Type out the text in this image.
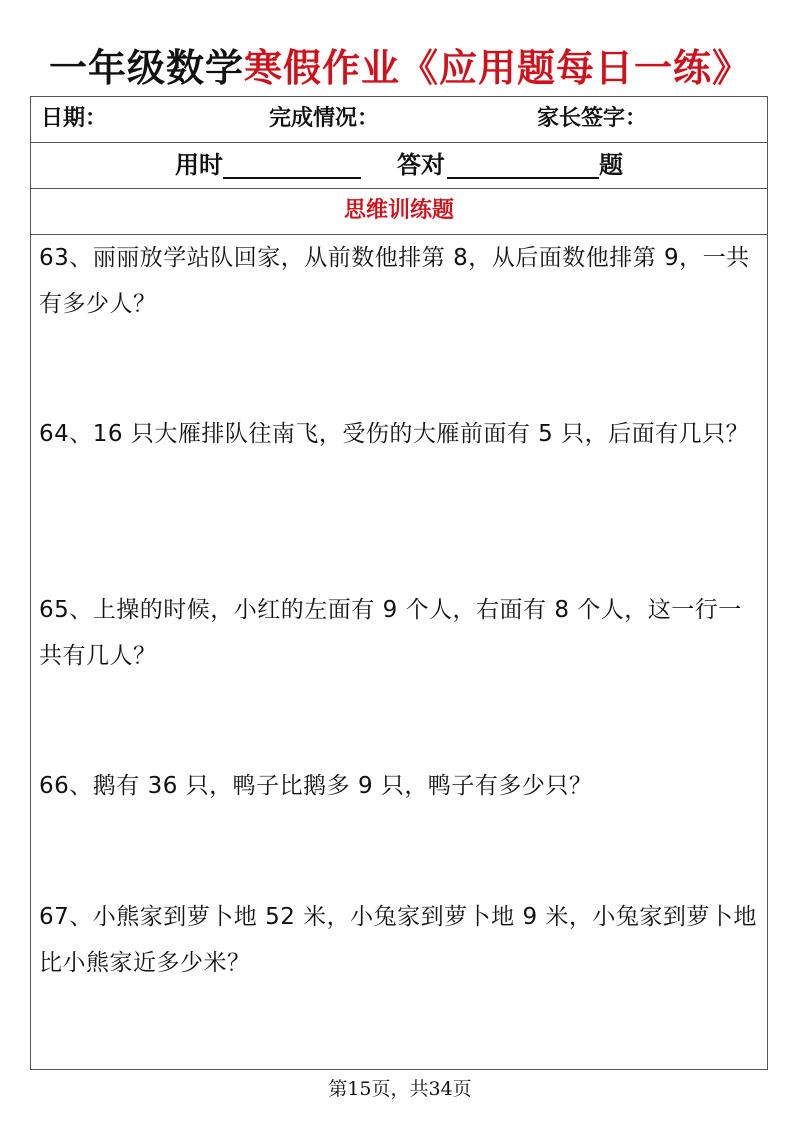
一年级数学寒假作业《应用题每日一练》
日期：	完成情况：	家长签字：
用时	答对	题
思维训练题
63、丽丽放学站队回家，从前数他排第 8，从后面数他排第 9，一共有多少人？
64、16 只大雁排队往南飞，受伤的大雁前面有 5 只，后面有几只？
65、上操的时候，小红的左面有 9 个人，右面有 8 个人，这一行一共有几人？
66、鹅有 36 只，鸭子比鹅多 9 只，鸭子有多少只？
67、小熊家到萝卜地 52 米，小兔家到萝卜地 9 米，小兔家到萝卜地比小熊家近多少米？
第15页，共34页
